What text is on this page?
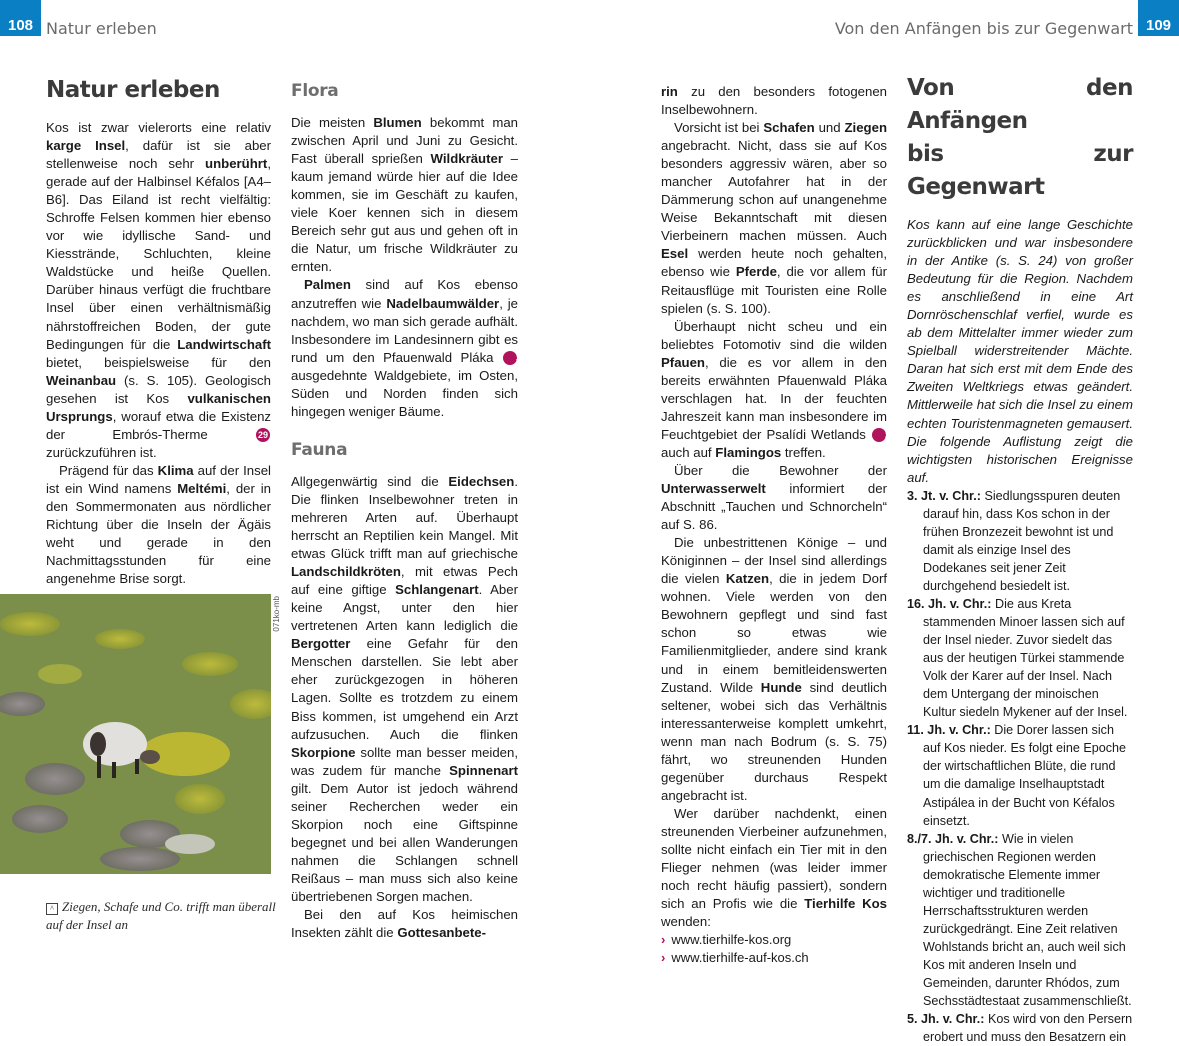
108 Natur erleben	Von den Anfängen bis zur Gegenwart 109
Natur erleben

Kos ist zwar vielerorts eine relativ karge Insel, dafür ist sie aber stellenweise noch sehr unberührt, gerade auf der Halbinsel Kéfalos [A4–B6]. Das Eiland ist recht vielfältig: Schroffe Felsen kommen hier ebenso vor wie idyllische Sand- und Kiesstrände, Schluchten, kleine Waldstücke und heiße Quellen. Darüber hinaus verfügt die fruchtbare Insel über einen verhältnismäßig nährstoffreichen Boden, der gute Bedingungen für die Landwirtschaft bietet, beispielsweise für den Weinanbau (s. S. 105). Geologisch gesehen ist Kos vulkanischen Ursprungs, worauf etwa die Existenz der Embrós-Therme 29 zurückzuführen ist.

Prägend für das Klima auf der Insel ist ein Wind namens Meltémi, der in den Sommermonaten aus nördlicher Richtung über die Inseln der Ägäis weht und gerade in den Nachmittagsstunden für eine angenehme Brise sorgt.

071ko-mb
^ Ziegen, Schafe und Co. trifft man überall auf der Insel an
Flora

Die meisten Blumen bekommt man zwischen April und Juni zu Gesicht. Fast überall sprießen Wildkräuter – kaum jemand würde hier auf die Idee kommen, sie im Geschäft zu kaufen, viele Koer kennen sich in diesem Bereich sehr gut aus und gehen oft in die Natur, um frische Wildkräuter zu ernten.

Palmen sind auf Kos ebenso anzutreffen wie Nadelbaumwälder, je nachdem, wo man sich gerade aufhält. Insbesondere im Landesinnern gibt es rund um den Pfauenwald Pláka 39 ausgedehnte Waldgebiete, im Osten, Süden und Norden finden sich hingegen weniger Bäume.

Fauna

Allgegenwärtig sind die Eidechsen. Die flinken Inselbewohner treten in mehreren Arten auf. Überhaupt herrscht an Reptilien kein Mangel. Mit etwas Glück trifft man auf griechische Landschildkröten, mit etwas Pech auf eine giftige Schlangenart. Aber keine Angst, unter den hier vertretenen Arten kann lediglich die Bergotter eine Gefahr für den Menschen darstellen. Sie lebt aber eher zurückgezogen in höheren Lagen. Sollte es trotzdem zu einem Biss kommen, ist umgehend ein Arzt aufzusuchen. Auch die flinken Skorpione sollte man besser meiden, was zudem für manche Spinnenart gilt. Dem Autor ist jedoch während seiner Recherchen weder ein Skorpion noch eine Giftspinne begegnet und bei allen Wanderungen nahmen die Schlangen schnell Reißaus – man muss sich also keine übertriebenen Sorgen machen.

Bei den auf Kos heimischen Insekten zählt die Gottesanbete-

rin zu den besonders fotogenen Inselbewohnern.

Vorsicht ist bei Schafen und Ziegen angebracht. Nicht, dass sie auf Kos besonders aggressiv wären, aber so mancher Autofahrer hat in der Dämmerung schon auf unangenehme Weise Bekanntschaft mit diesen Vierbeinern machen müssen. Auch Esel werden heute noch gehalten, ebenso wie Pferde, die vor allem für Reitausflüge mit Touristen eine Rolle spielen (s. S. 100).

Überhaupt nicht scheu und ein beliebtes Fotomotiv sind die wilden Pfauen, die es vor allem in den bereits erwähnten Pfauenwald Pláka verschlagen hat. In der feuchten Jahreszeit kann man insbesondere im Feuchtgebiet der Psalídi Wetlands 28 auch auf Flamingos treffen.

Über die Bewohner der Unterwasserwelt informiert der Abschnitt „Tauchen und Schnorcheln“ auf S. 86.

Die unbestrittenen Könige – und Königinnen – der Insel sind allerdings die vielen Katzen, die in jedem Dorf wohnen. Viele werden von den Bewohnern gepflegt und sind fast schon so etwas wie Familienmitglieder, andere sind krank und in einem bemitleidenswerten Zustand. Wilde Hunde sind deutlich seltener, wobei sich das Verhältnis interessanterweise komplett umkehrt, wenn man nach Bodrum (s. S. 75) fährt, wo streunenden Hunden gegenüber durchaus Respekt angebracht ist.

Wer darüber nachdenkt, einen streunenden Vierbeiner aufzunehmen, sollte nicht einfach ein Tier mit in den Flieger nehmen (was leider immer noch recht häufig passiert), sondern sich an Profis wie die Tierhilfe Kos wenden:

› www.tierhilfe-kos.org
› www.tierhilfe-auf-kos.ch
Von den Anfängen
bis zur Gegenwart

Kos kann auf eine lange Geschichte zurückblicken und war insbesondere in der Antike (s. S. 24) von großer Bedeutung für die Region. Nachdem es anschließend in eine Art Dornröschenschlaf verfiel, wurde es ab dem Mittelalter immer wieder zum Spielball widerstreitender Mächte. Daran hat sich erst mit dem Ende des Zweiten Weltkriegs etwas geändert. Mittlerweile hat sich die Insel zu einem echten Touristenmagneten gemausert. Die folgende Auflistung zeigt die wichtigsten historischen Ereignisse auf.

3. Jt. v. Chr.: Siedlungsspuren deuten darauf hin, dass Kos schon in der frühen Bronzezeit bewohnt ist und damit als einzige Insel des Dodekanes seit jener Zeit durchgehend besiedelt ist.
16. Jh. v. Chr.: Die aus Kreta stammenden Minoer lassen sich auf der Insel nieder. Zuvor siedelt das aus der heutigen Türkei stammende Volk der Karer auf der Insel. Nach dem Untergang der minoischen Kultur siedeln Mykener auf der Insel.
11. Jh. v. Chr.: Die Dorer lassen sich auf Kos nieder. Es folgt eine Epoche der wirtschaftlichen Blüte, die rund um die damalige Inselhauptstadt Astipálea in der Bucht von Kéfalos einsetzt.
8./7. Jh. v. Chr.: Wie in vielen griechischen Regionen werden demokratische Elemente immer wichtiger und traditionelle Herrschaftsstrukturen werden zurückgedrängt. Eine Zeit relativen Wohlstands bricht an, auch weil sich Kos mit anderen Inseln und Gemeinden, darunter Rhódos, zum Sechsstädtestaat zusammenschließt.
5. Jh. v. Chr.: Kos wird von den Persern erobert und muss den Besatzern ein
